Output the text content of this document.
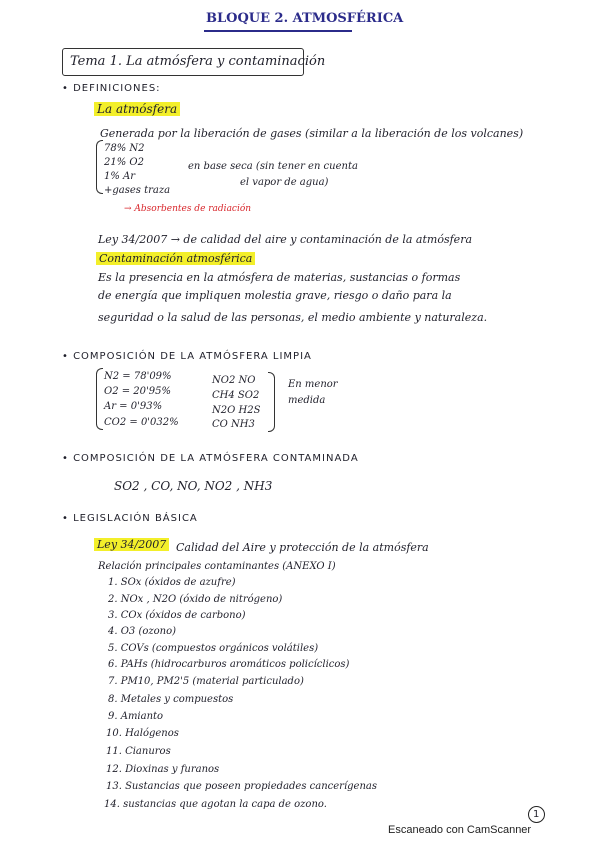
BLOQUE 2. ATMOSFÉRICA
Tema 1. La atmósfera y contaminación
• DEFINICIONES:
La atmósfera
Generada por la liberación de gases (similar a la liberación de los volcanes)
78% N2
21% O2
1% Ar
+gases traza
en base seca (sin tener en cuenta
el vapor de agua)
→ Absorbentes de radiación
Ley 34/2007 → de calidad del aire y contaminación de la atmósfera
Contaminación atmosférica
Es la presencia en la atmósfera de materias, sustancias o formas
de energía que impliquen molestia grave, riesgo o daño para la
seguridad o la salud de las personas, el medio ambiente y naturaleza.
• COMPOSICIÓN DE LA ATMÓSFERA LIMPIA
N2 = 78'09%
O2 = 20'95%
Ar = 0'93%
CO2 = 0'032%
NO2 NO
CH4 SO2
N2O H2S
CO NH3
En menor
medida
• COMPOSICIÓN DE LA ATMÓSFERA CONTAMINADA
SO2 , CO, NO, NO2 , NH3
• LEGISLACIÓN BÁSICA
Ley 34/2007 Calidad del Aire y protección de la atmósfera
Relación principales contaminantes (ANEXO I)
1. SOx (óxidos de azufre)
2. NOx , N2O (óxido de nitrógeno)
3. COx (óxidos de carbono)
4. O3 (ozono)
5. COVs (compuestos orgánicos volátiles)
6. PAHs (hidrocarburos aromáticos policíclicos)
7. PM10, PM2'5 (material particulado)
8. Metales y compuestos
9. Amianto
10. Halógenos
11. Cianuros
12. Dioxinas y furanos
13. Sustancias que poseen propiedades cancerígenas
14. sustancias que agotan la capa de ozono.
1
Escaneado con CamScanner
